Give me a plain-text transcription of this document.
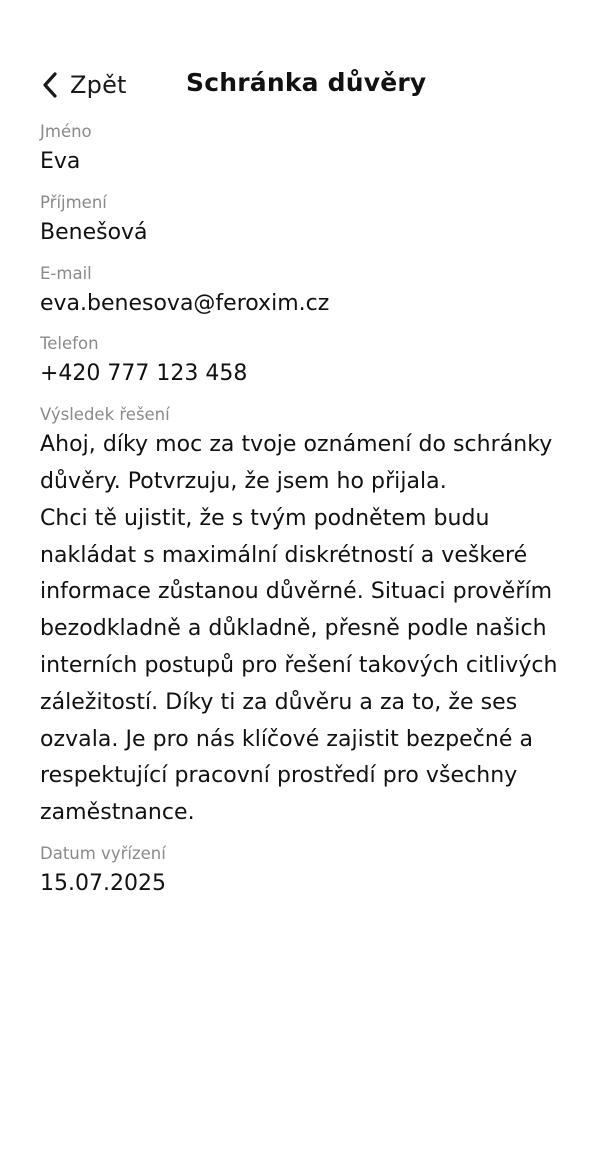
Zpět Schránka důvěry
Jméno
Eva
Příjmení
Benešová
E-mail
eva.benesova@feroxim.cz
Telefon
+420 777 123 458
Výsledek řešení
Ahoj, díky moc za tvoje oznámení do schránky důvěry. Potvrzuju, že jsem ho přijala.
Chci tě ujistit, že s tvým podnětem budu nakládat s maximální diskrétností a veškeré informace zůstanou důvěrné. Situaci prověřím bezodkladně a důkladně, přesně podle našich interních postupů pro řešení takových citlivých záležitostí. Díky ti za důvěru a za to, že ses ozvala. Je pro nás klíčové zajistit bezpečné a respektující pracovní prostředí pro všechny zaměstnance.
Datum vyřízení
15.07.2025
